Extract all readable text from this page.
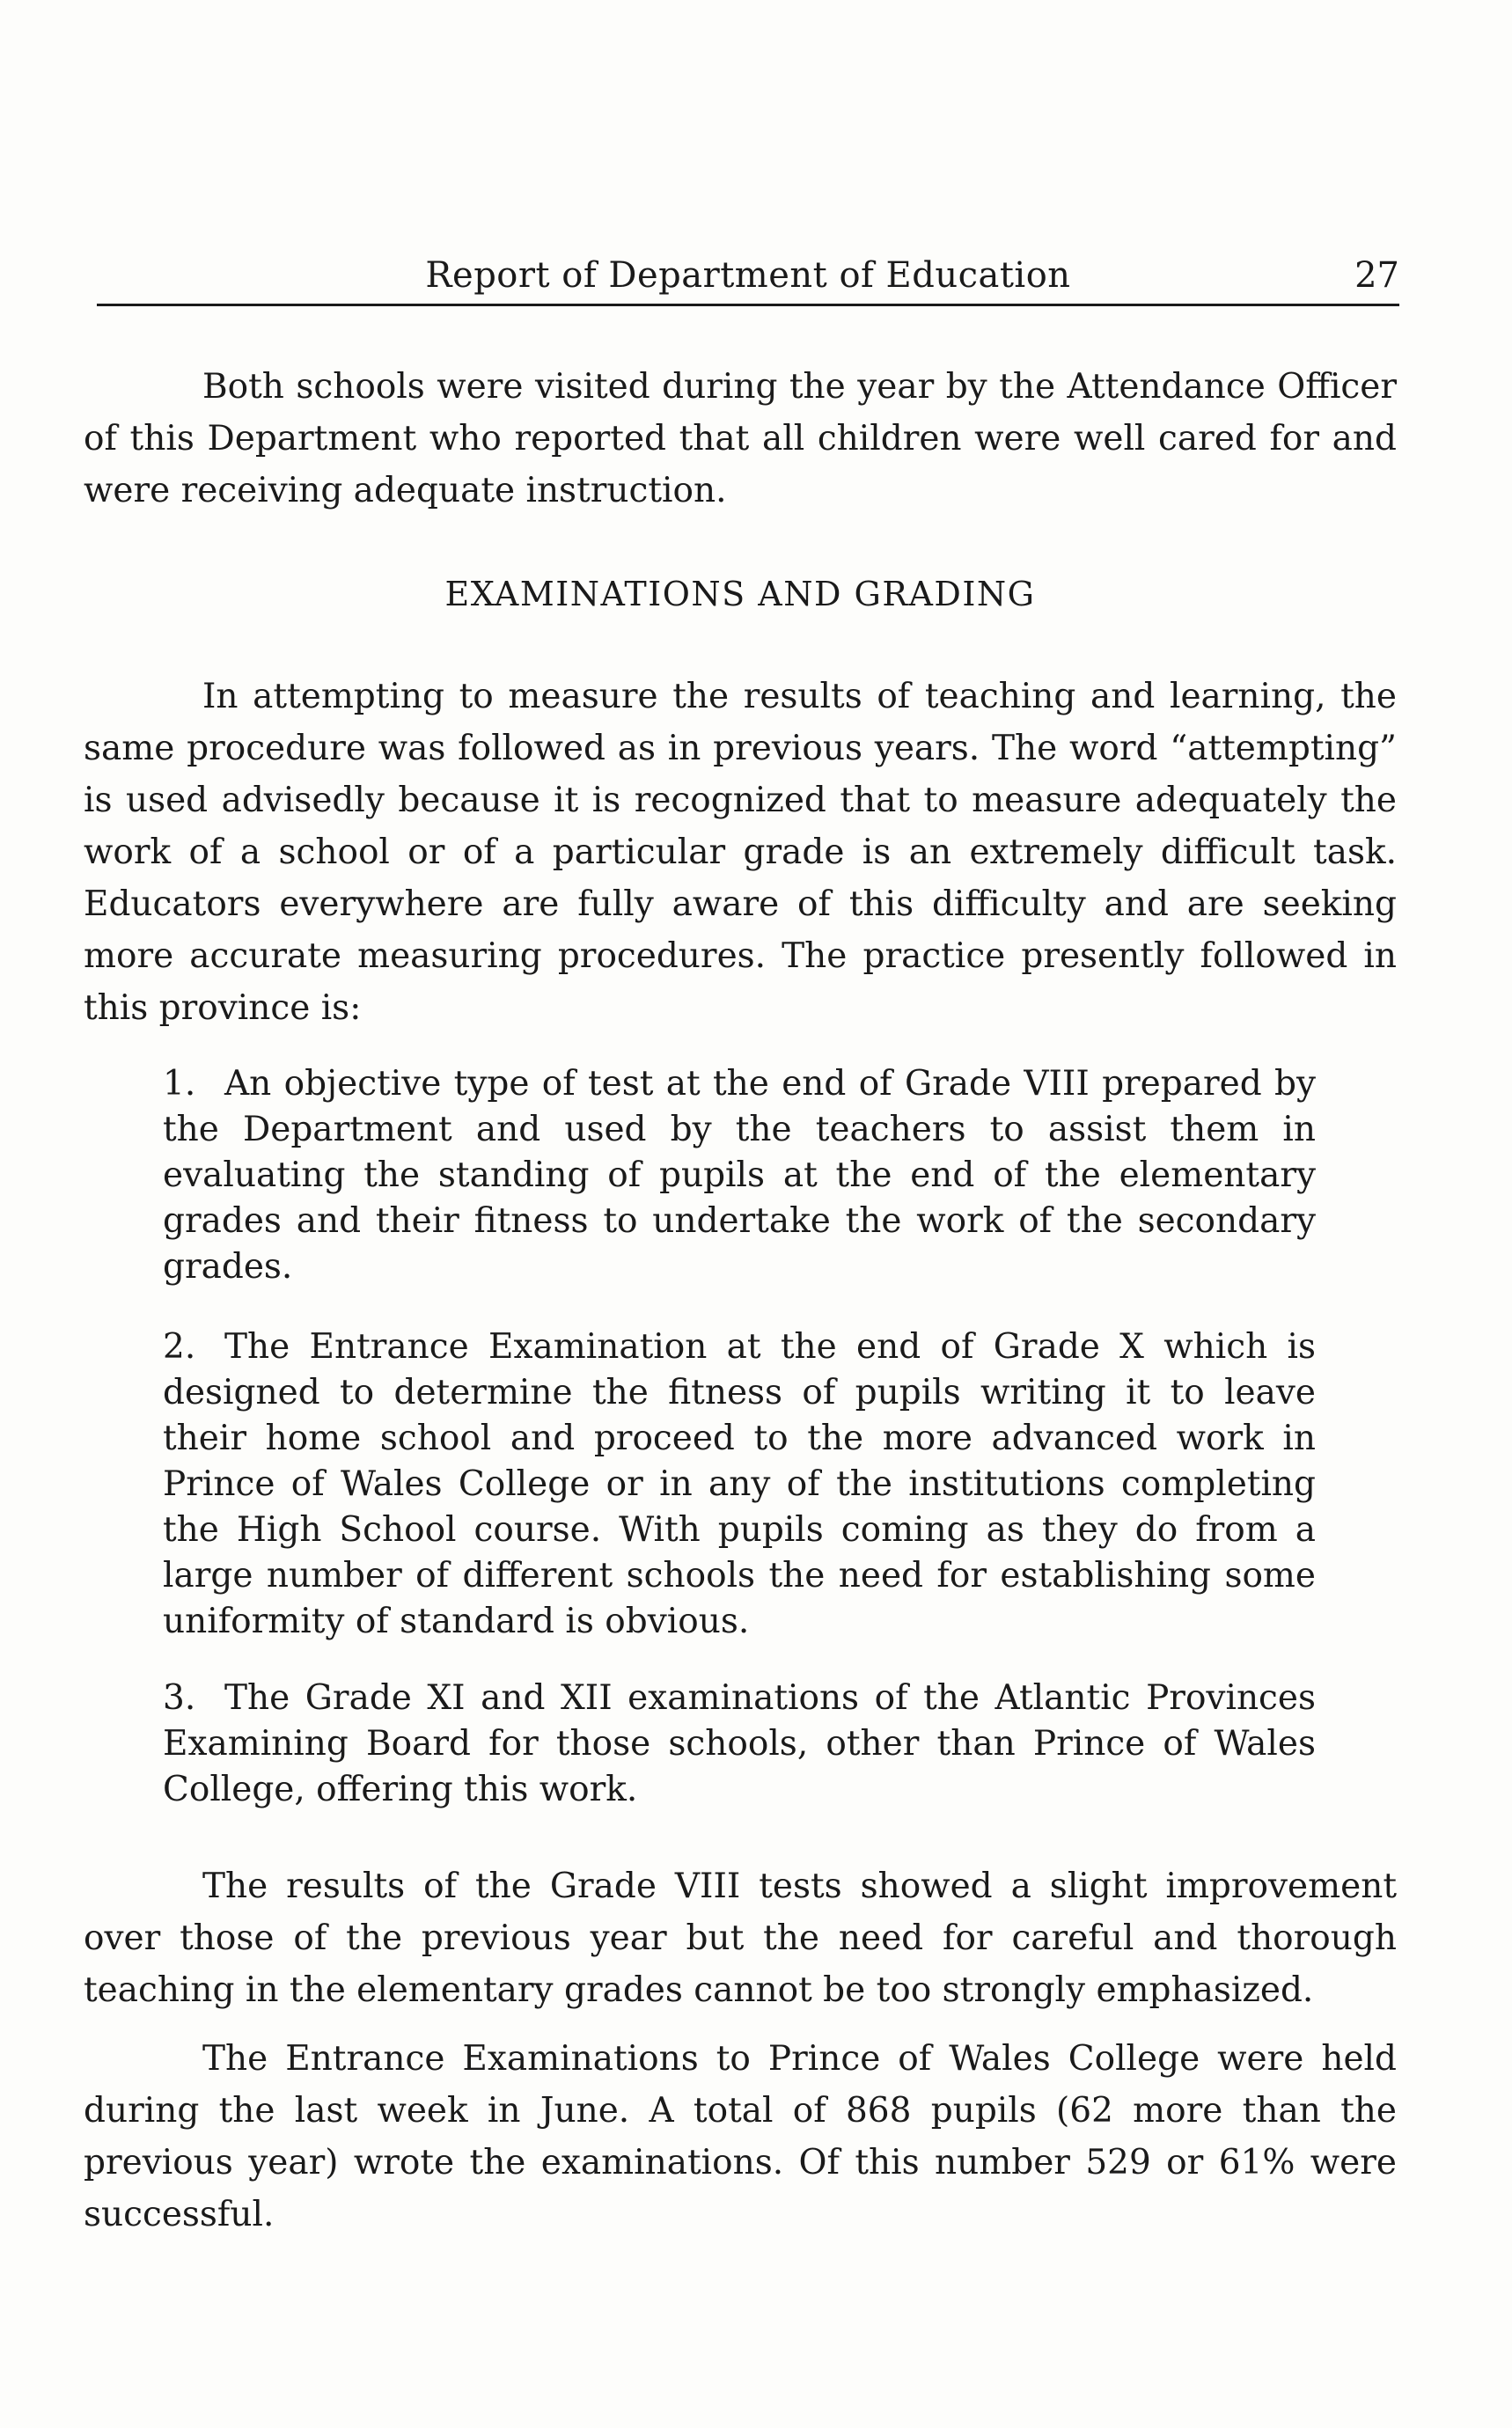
Report of Department of Education	27

Both schools were visited during the year by the Attendance Officer of this Department who reported that all children were well cared for and were receiving adequate instruction.

EXAMINATIONS AND GRADING

In attempting to measure the results of teaching and learning, the same procedure was followed as in previous years. The word “attempting” is used advisedly because it is recognized that to measure adequately the work of a school or of a particular grade is an extremely difficult task. Educators everywhere are fully aware of this difficulty and are seeking more accurate measuring procedures. The practice presently followed in this province is:

1. An objective type of test at the end of Grade VIII prepared by the Department and used by the teachers to assist them in evaluating the standing of pupils at the end of the elementary grades and their fitness to undertake the work of the secondary grades.

2. The Entrance Examination at the end of Grade X which is designed to determine the fitness of pupils writing it to leave their home school and proceed to the more advanced work in Prince of Wales College or in any of the institutions completing the High School course. With pupils coming as they do from a large number of different schools the need for establishing some uniformity of standard is obvious.

3. The Grade XI and XII examinations of the Atlantic Provinces Examining Board for those schools, other than Prince of Wales College, offering this work.

The results of the Grade VIII tests showed a slight improvement over those of the previous year but the need for careful and thorough teaching in the elementary grades cannot be too strongly emphasized.

The Entrance Examinations to Prince of Wales College were held during the last week in June. A total of 868 pupils (62 more than the previous year) wrote the examinations. Of this number 529 or 61% were successful.
